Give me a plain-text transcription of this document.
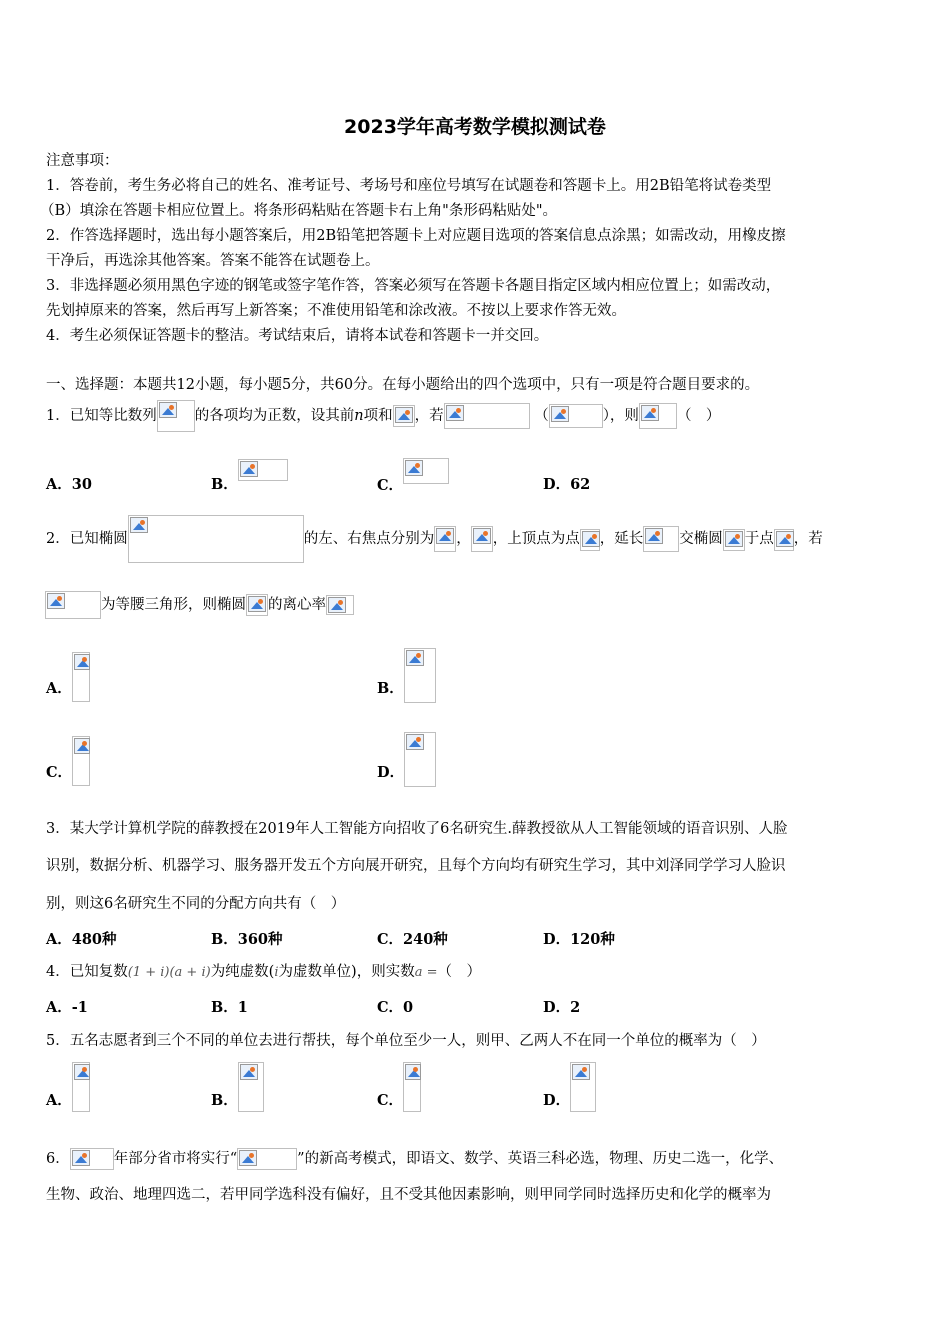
2023学年高考数学模拟测试卷
注意事项：
1．答卷前，考生务必将自己的姓名、准考证号、考场号和座位号填写在试题卷和答题卡上。用2B铅笔将试卷类型
（B）填涂在答题卡相应位置上。将条形码粘贴在答题卡右上角"条形码粘贴处"。
2．作答选择题时，选出每小题答案后，用2B铅笔把答题卡上对应题目选项的答案信息点涂黑；如需改动，用橡皮擦
干净后，再选涂其他答案。答案不能答在试题卷上。
3．非选择题必须用黑色字迹的钢笔或签字笔作答，答案必须写在答题卡各题目指定区域内相应位置上；如需改动，
先划掉原来的答案，然后再写上新答案；不准使用铅笔和涂改液。不按以上要求作答无效。
4．考生必须保证答题卡的整洁。考试结束后，请将本试卷和答题卡一并交回。
一、选择题：本题共12小题，每小题5分，共60分。在每小题给出的四个选项中，只有一项是符合题目要求的。
1．已知等比数列	的各项均为正数，设其前n项和 ，若	（	），则	（　）
A．30	B．	C．	D．62
2．已知椭圆	的左、右焦点分别为 ， ，上顶点为点 ，延长 交椭圆 于点 ，若
为等腰三角形，则椭圆 的离心率
A．	B．
C．	D．
3．某大学计算机学院的薛教授在2019年人工智能方向招收了6名研究生.薛教授欲从人工智能领域的语音识别、人脸
识别，数据分析、机器学习、服务器开发五个方向展开研究，且每个方向均有研究生学习，其中刘泽同学学习人脸识
别，则这6名研究生不同的分配方向共有（　）
A．480种	B．360种	C．240种	D．120种
4．已知复数(1 + i)(a + i)为纯虚数(i为虚数单位)，则实数a =（　）
A．-1	B．1	C．0	D．2
5．五名志愿者到三个不同的单位去进行帮扶，每个单位至少一人，则甲、乙两人不在同一个单位的概率为（　）
A．	B．	C．	D．
6．	年部分省市将实行“	”的新高考模式，即语文、数学、英语三科必选，物理、历史二选一，化学、
生物、政治、地理四选二，若甲同学选科没有偏好，且不受其他因素影响，则甲同学同时选择历史和化学的概率为
